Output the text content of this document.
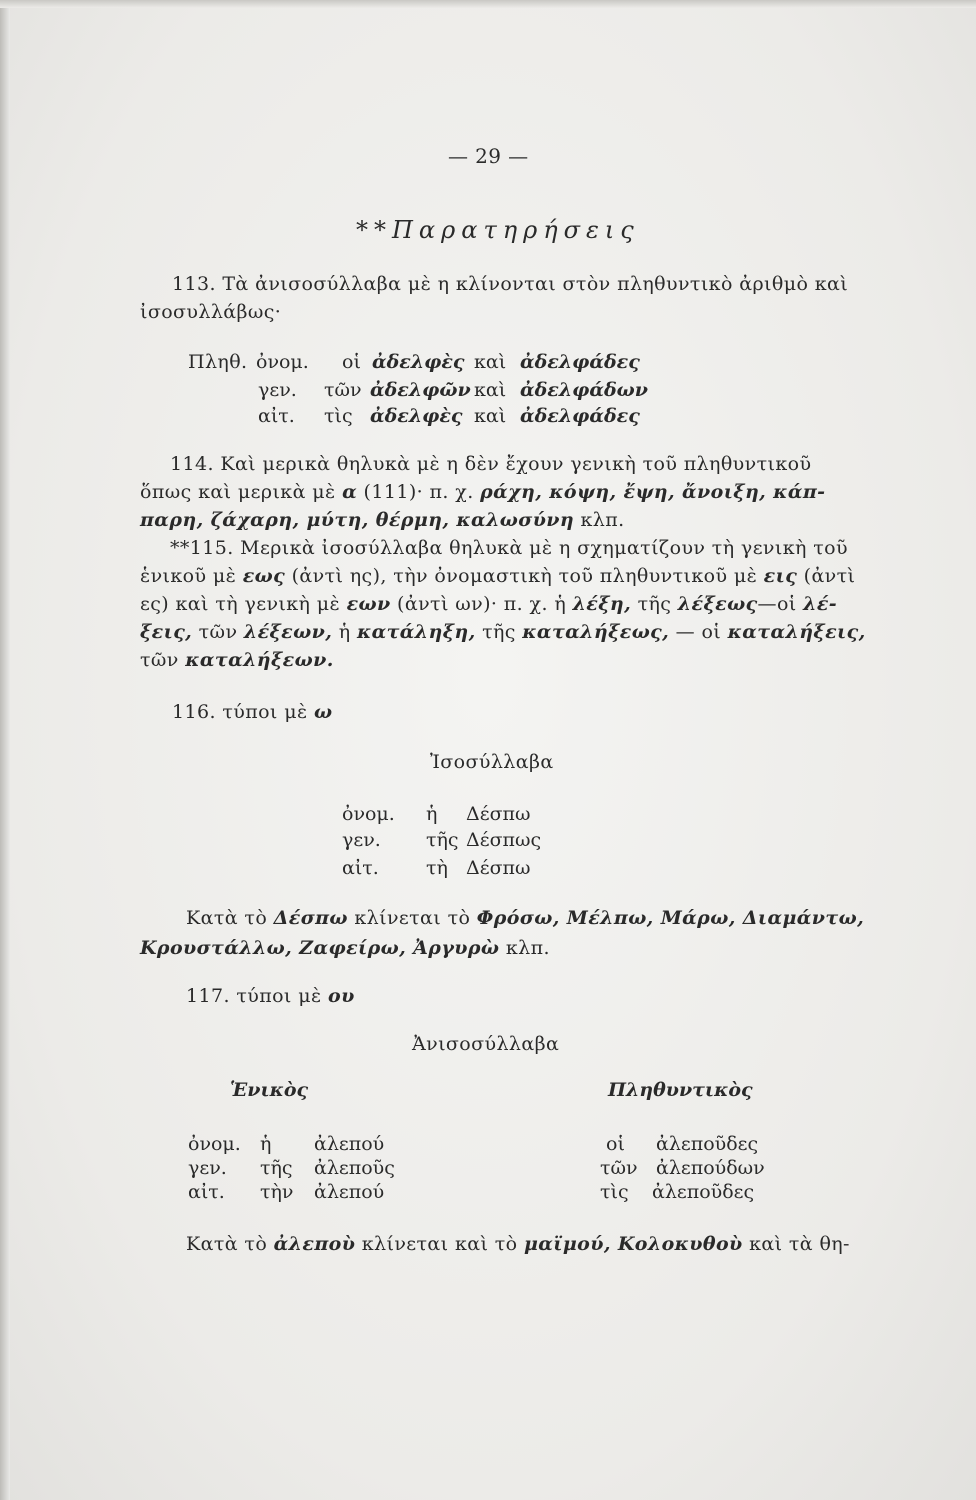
— 29 —
**Παρατηρήσεις
113. Τὰ ἀνισοσύλλαβα μὲ η κλίνονται στὸν πληθυντικὸ ἀριθμὸ καὶ
ἰσοσυλλάβως·
Πληθ. ὀνομ. οἱ ἀδελφὲς καὶ ἀδελφάδες
γεν. τῶν ἀδελφῶν καὶ ἀδελφάδων
αἰτ. τὶς ἀδελφὲς καὶ ἀδελφάδες
114. Καὶ μερικὰ θηλυκὰ μὲ η δὲν ἔχουν γενικὴ τοῦ πληθυντικοῦ
ὅπως καὶ μερικὰ μὲ α (111)· π. χ. ράχη, κόψη, ἔψη, ἄνοιξη, κάπ-
παρη, ζάχαρη, μύτη, θέρμη, καλωσύνη κλπ.
**115. Μερικὰ ἰσοσύλλαβα θηλυκὰ μὲ η σχηματίζουν τὴ γενικὴ τοῦ
ἑνικοῦ μὲ εως (ἀντὶ ης), τὴν ὀνομαστικὴ τοῦ πληθυντικοῦ μὲ εις (ἀντὶ
ες) καὶ τὴ γενικὴ μὲ εων (ἀντὶ ων)· π. χ. ἡ λέξη, τῆς λέξεως—οἱ λέ-
ξεις, τῶν λέξεων, ἡ κατάληξη, τῆς καταλήξεως, — οἱ καταλήξεις,
τῶν καταλήξεων.
116. τύποι μὲ ω
Ἰσοσύλλαβα
ὀνομ. ἡ Δέσπω
γεν. τῆς Δέσπως
αἰτ. τὴ Δέσπω
Κατὰ τὸ Δέσπω κλίνεται τὸ Φρόσω, Μέλπω, Μάρω, Διαμάντω,
Κρουστάλλω, Ζαφείρω, Ἀργυρὼ κλπ.
117. τύποι μὲ ου
Ἀνισοσύλλαβα
Ἑνικὸς	Πληθυντικὸς
ὀνομ. ἡ ἀλεπού	οἱ ἀλεποῦδες
γεν. τῆς ἀλεποῦς	τῶν ἀλεπούδων
αἰτ. τὴν ἀλεπού	τὶς ἀλεποῦδες
Κατὰ τὸ ἀλεποὺ κλίνεται καὶ τὸ μαϊμού, Κολοκυθοὺ καὶ τὰ θη-
